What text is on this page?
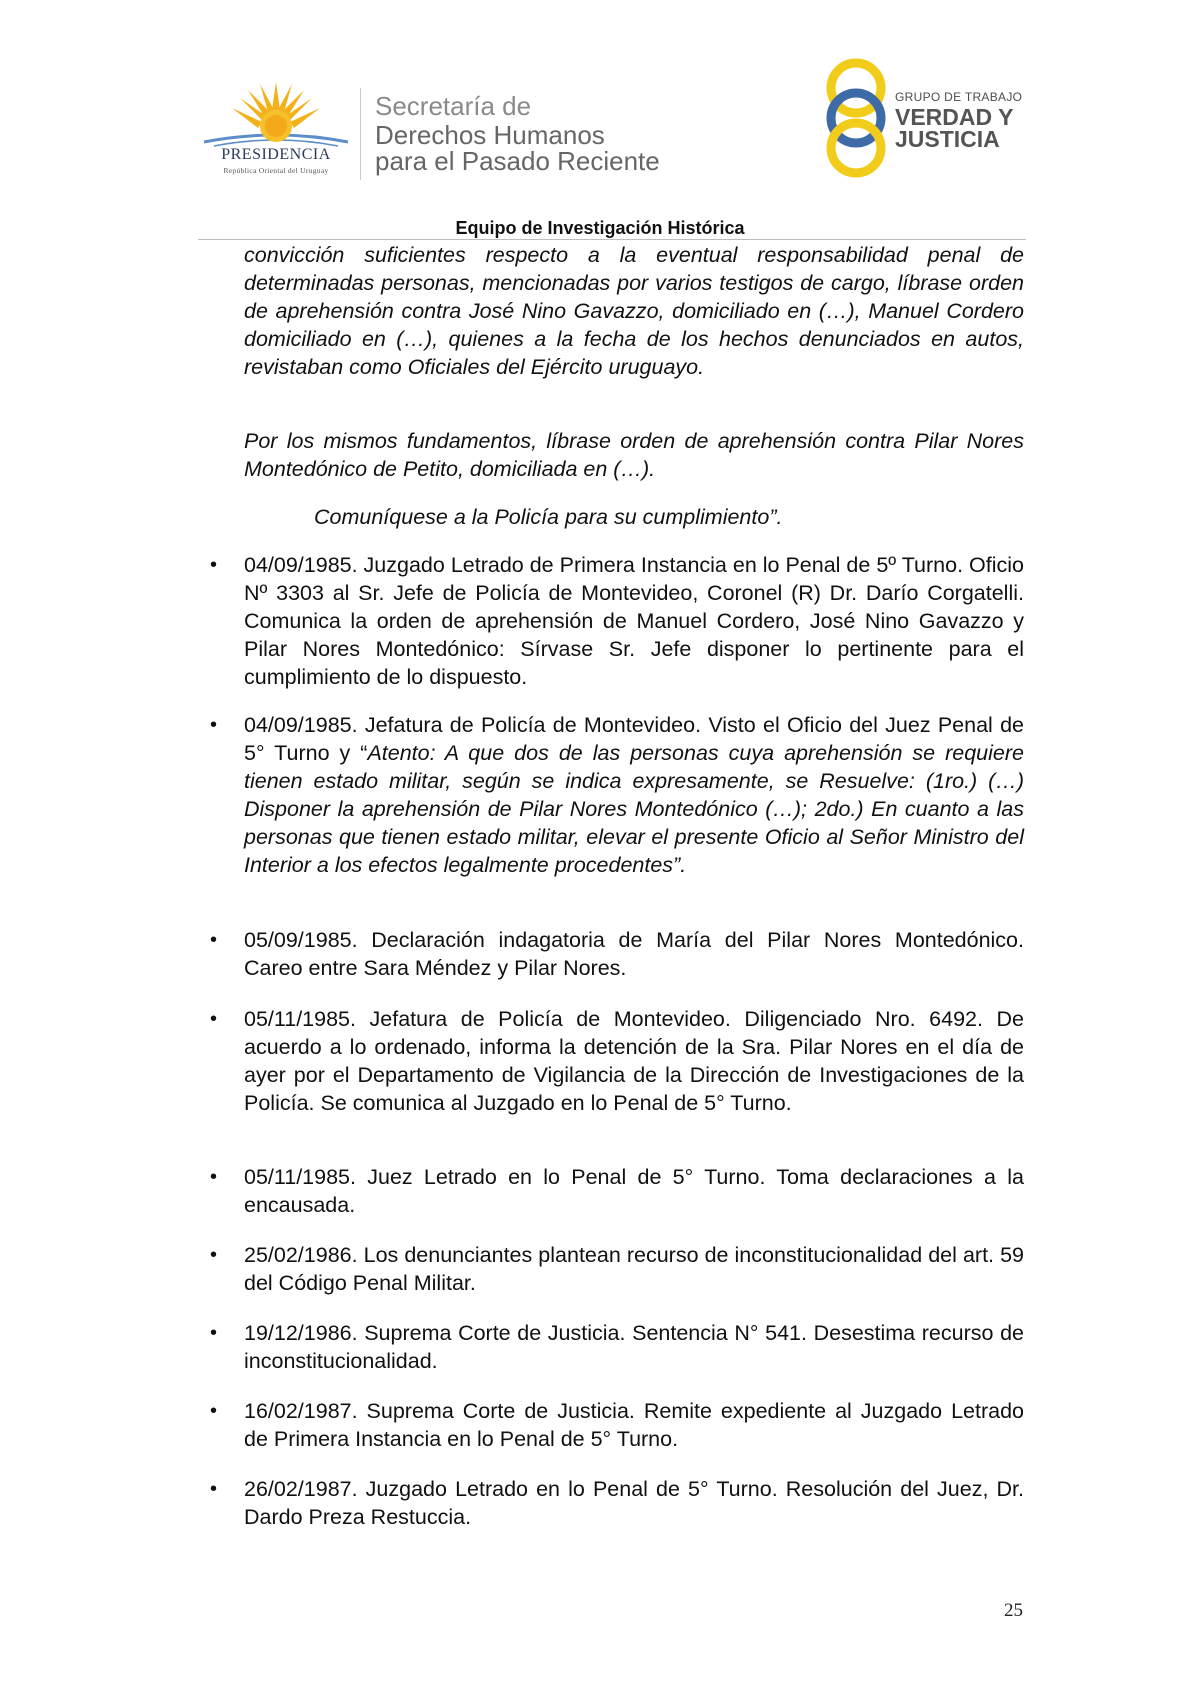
PRESIDENCIA
República Oriental del Uruguay
Secretaría de
Derechos Humanos
para el Pasado Reciente
GRUPO DE TRABAJO
VERDAD Y
JUSTICIA
Equipo de Investigación Histórica

convicción suficientes respecto a la eventual responsabilidad penal de determinadas personas, mencionadas por varios testigos de cargo, líbrase orden de aprehensión contra José Nino Gavazzo, domiciliado en (…), Manuel Cordero domiciliado en (…), quienes a la fecha de los hechos denunciados en autos, revistaban como Oficiales del Ejército uruguayo.

Por los mismos fundamentos, líbrase orden de aprehensión contra Pilar Nores Montedónico de Petito, domiciliada en (…).

Comuníquese a la Policía para su cumplimiento”.

• 04/09/1985. Juzgado Letrado de Primera Instancia en lo Penal de 5º Turno. Oficio Nº 3303 al Sr. Jefe de Policía de Montevideo, Coronel (R) Dr. Darío Corgatelli. Comunica la orden de aprehensión de Manuel Cordero, José Nino Gavazzo y Pilar Nores Montedónico: Sírvase Sr. Jefe disponer lo pertinente para el cumplimiento de lo dispuesto.
• 04/09/1985. Jefatura de Policía de Montevideo. Visto el Oficio del Juez Penal de 5° Turno y “Atento: A que dos de las personas cuya aprehensión se requiere tienen estado militar, según se indica expresamente, se Resuelve: (1ro.) (…) Disponer la aprehensión de Pilar Nores Montedónico (…); 2do.) En cuanto a las personas que tienen estado militar, elevar el presente Oficio al Señor Ministro del Interior a los efectos legalmente procedentes”.
• 05/09/1985. Declaración indagatoria de María del Pilar Nores Montedónico. Careo entre Sara Méndez y Pilar Nores.
• 05/11/1985. Jefatura de Policía de Montevideo. Diligenciado Nro. 6492. De acuerdo a lo ordenado, informa la detención de la Sra. Pilar Nores en el día de ayer por el Departamento de Vigilancia de la Dirección de Investigaciones de la Policía. Se comunica al Juzgado en lo Penal de 5° Turno.
• 05/11/1985. Juez Letrado en lo Penal de 5° Turno. Toma declaraciones a la encausada.
• 25/02/1986. Los denunciantes plantean recurso de inconstitucionalidad del art. 59 del Código Penal Militar.
• 19/12/1986. Suprema Corte de Justicia. Sentencia N° 541. Desestima recurso de inconstitucionalidad.
• 16/02/1987. Suprema Corte de Justicia. Remite expediente al Juzgado Letrado de Primera Instancia en lo Penal de 5° Turno.
• 26/02/1987. Juzgado Letrado en lo Penal de 5° Turno. Resolución del Juez, Dr. Dardo Preza Restuccia.
25
